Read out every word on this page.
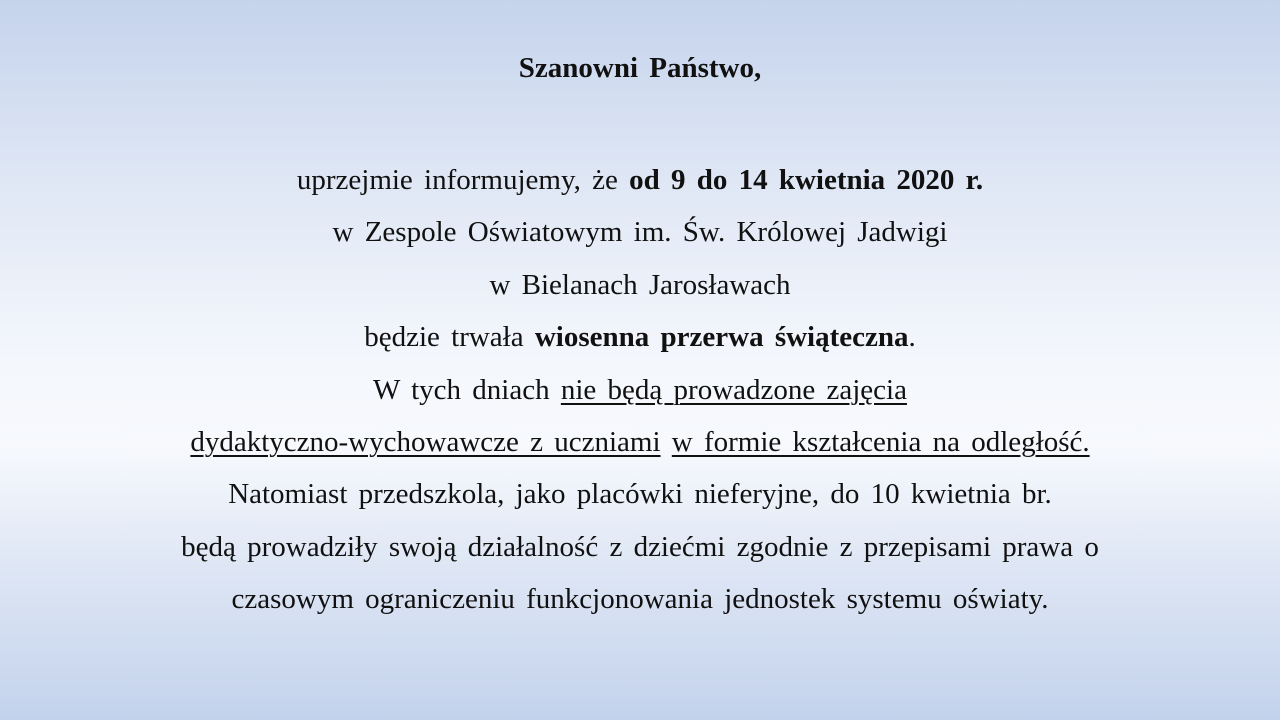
Szanowni Państwo,
uprzejmie informujemy, że od 9 do 14 kwietnia 2020 r.
w Zespole Oświatowym im. Św. Królowej Jadwigi
w Bielanach Jarosławach
będzie trwała wiosenna przerwa świąteczna.
W tych dniach nie będą prowadzone zajęcia
dydaktyczno-wychowawcze z uczniami w formie kształcenia na odległość.
Natomiast przedszkola, jako placówki nieferyjne, do 10 kwietnia br.
będą prowadziły swoją działalność z dziećmi zgodnie z przepisami prawa o
czasowym ograniczeniu funkcjonowania jednostek systemu oświaty.
